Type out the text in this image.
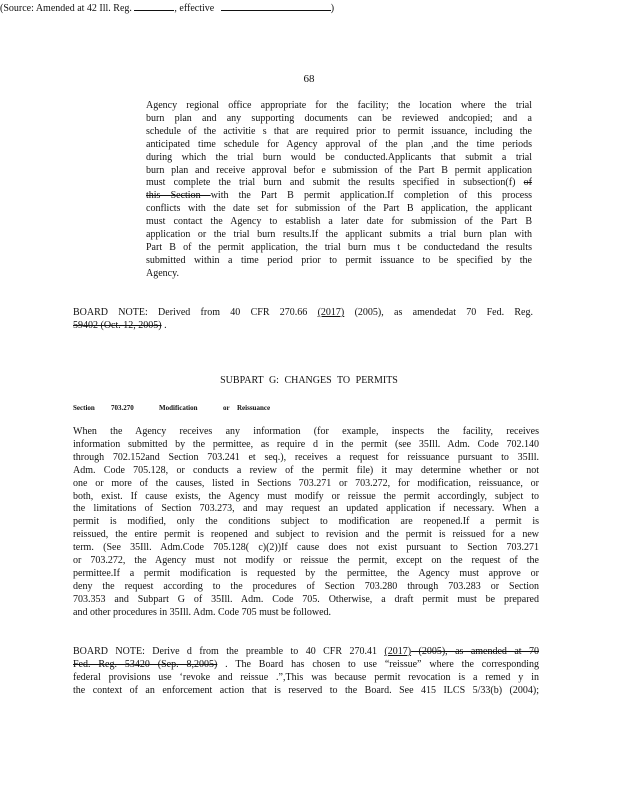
68
Agency regional office appropriate for the facility; the location where the trial
burn plan and any supporting documents can be reviewed andcopied; and a
schedule of the activitie s that are required prior to permit issuance, including the
anticipated time schedule for Agency approval of the plan ,and the time periods
during which the trial burn would be conducted.Applicants that submit a trial
burn plan and receive approval befor e submission of the Part B permit application
must complete the trial burn and submit the results specified in subsection(f) of
this Section with the Part B permit application.If completion of this process
conflicts with the date set for submission of the Part B application, the applicant
must contact the Agency to establish a later date for submission of the Part B
application or the trial burn results.If the applicant submits a trial burn plan with
Part B of the permit application, the trial burn mus t be conductedand the results
submitted within a time period prior to permit issuance to be specified by the
Agency.
BOARD NOTE: Derived from 40 CFR 270.66 (2017) (2005), as amendedat 70 Fed. Reg.
59402 (Oct. 12, 2005) .
(Source: Amended at 42 Ill. Reg.	, effective	)
SUBPART G: CHANGES TO PERMITS
Section 703.270	Modification	or Reissuance
When the Agency receives any information (for example, inspects the facility, receives
information submitted by the permittee, as require d in the permit (see 35Ill. Adm. Code 702.140
through 702.152and Section 703.241 et seq.), receives a request for reissuance pursuant to 35Ill.
Adm. Code 705.128, or conducts a review of the permit file) it may determine whether or not
one or more of the causes, listed in Sections 703.271 or 703.272, for modification, reissuance, or
both, exist. If cause exists, the Agency must modify or reissue the permit accordingly, subject to
the limitations of Section 703.273, and may request an updated application if necessary. When a
permit is modified, only the conditions subject to modification are reopened.If a permit is
reissued, the entire permit is reopened and subject to revision and the permit is reissued for a new
term. (See 35Ill. Adm.Code 705.128( c)(2))If cause does not exist pursuant to Section 703.271
or 703.272, the Agency must not modify or reissue the permit, except on the request of the
permittee.If a permit modification is requested by the permittee, the Agency must approve or
deny the request according to the procedures of Section 703.280 through 703.283 or Section
703.353 and Subpart G of 35Ill. Adm. Code 705. Otherwise, a draft permit must be prepared
and other procedures in 35Ill. Adm. Code 705 must be followed.
BOARD NOTE: Derive d from the preamble to 40 CFR 270.41 (2017) (2005), as amended at 70
Fed. Reg. 53420 (Sep. 8,2005) . The Board has chosen to use “reissue” where the corresponding
federal provisions use ‘revoke and reissue .”,This was because permit revocation is a remed y in
the context of an enforcement action that is reserved to the Board. See 415 ILCS 5/33(b) (2004);
